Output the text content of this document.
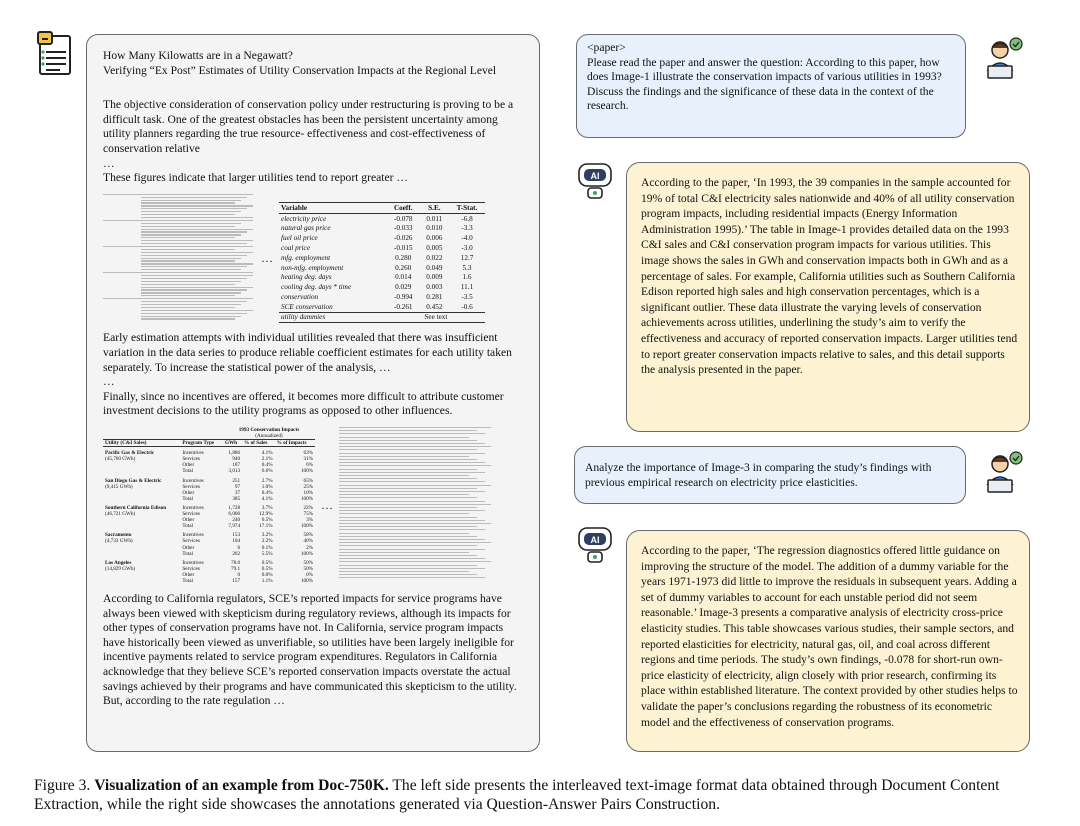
How Many Kilowatts are in a Negawatt?
Verifying “Ex Post” Estimates of Utility Conservation Impacts at the Regional Level
The objective consideration of conservation policy under restructuring is proving to be a difficult task. One of the greatest obstacles has been the persistent uncertainty among utility planners regarding the true resource- effectiveness and cost-effectiveness of conservation relative
…
These figures indicate that larger utilities tend to report greater …
…
Variable	Coeff.	S.E.	T-Stat.
electricity price	-0.078	0.011	-6.8
natural gas price	-0.033	0.010	-3.3
fuel oil price	-0.026	0.006	-4.0
coal price	-0.015	0.005	-3.0
mfg. employment	0.280	0.022	12.7
non-mfg. employment	0.260	0.049	5.3
heating deg. days	0.014	0.009	1.6
cooling deg. days * time	0.029	0.003	11.1
conservation	-0.994	0.281	-3.5
SCE conservation	-0.261	0.452	-0.6
utility dummies	See text		
Early estimation attempts with individual utilities revealed that there was insufficient variation in the data series to produce reliable coefficient estimates for each utility taken separately. To increase the statistical power of the analysis, …
…
Finally, since no incentives are offered, it becomes more difficult to attribute customer investment decisions to the utility programs as opposed to other influences.
		1993 Conservation Impacts		
		(Annualized)		
Utility (C&I Sales)	Program Type	GWh	% of Sales	% of Impacts
Pacific Gas & Electric	Incentives	1,886	4.1%	63%
(45,760 GWh)	Services	940	2.1%	31%
	Other	187	0.4%	6%
	Total	3,013	6.6%	100%
San Diego Gas & Electric	Incentives	251	2.7%	65%
(9,415 GWh)	Services	97	1.0%	25%
	Other	37	0.4%	10%
	Total	385	4.1%	100%
Southern California Edison	Incentives	1,728	3.7%	22%
(46,721 GWh)	Services	6,006	12.9%	75%
	Other	240	0.5%	3%
	Total	7,974	17.1%	100%
Sacramento	Incentives	153	3.2%	58%
(4,733 GWh)	Services	104	2.2%	40%
	Other	6	0.1%	2%
	Total	262	5.5%	100%
Los Angeles	Incentives	78.0	0.5%	50%
(14,829 GWh)	Services	79.1	0.5%	50%
	Other	0	0.0%	0%
	Total	157	1.1%	100%
…
According to California regulators, SCE’s reported impacts for service programs have always been viewed with skepticism during regulatory reviews, although its impacts for other types of conservation programs have not. In California, service program impacts have historically been viewed as unverifiable, so utilities have been largely ineligible for incentive payments related to service program expenditures. Regulators in California acknowledge that they believe SCE’s reported conservation impacts overstate the actual savings achieved by their programs and have communicated this skepticism to the utility. But, according to the rate regulation …
<paper>
Please read the paper and answer the question: According to this paper, how does Image-1 illustrate the conservation impacts of various utilities in 1993? Discuss the findings and the significance of these data in the context of the research.
AI	According to the paper, ‘In 1993, the 39 companies in the sample accounted for 19% of total C&I electricity sales nationwide and 40% of all utility conservation program impacts, including residential impacts (Energy Information Administration 1995).’ The table in Image-1 provides detailed data on the 1993 C&I sales and C&I conservation program impacts for various utilities. This image shows the sales in GWh and conservation impacts both in GWh and as a percentage of sales. For example, California utilities such as Southern California Edison reported high sales and high conservation percentages, which is a significant outlier. These data illustrate the varying levels of conservation achievements across utilities, underlining the study’s aim to verify the effectiveness and accuracy of reported conservation impacts. Larger utilities tend to report greater conservation impacts relative to sales, and this detail supports the analysis presented in the paper.
Analyze the importance of Image-3 in comparing the study’s findings with previous empirical research on electricity price elasticities.
AI
According to the paper, ‘The regression diagnostics offered little guidance on improving the structure of the model. The addition of a dummy variable for the years 1971-1973 did little to improve the residuals in subsequent years. Adding a set of dummy variables to account for each unstable period did not seem reasonable.’ Image-3 presents a comparative analysis of electricity cross-price elasticity studies. This table showcases various studies, their sample sectors, and reported elasticities for electricity, natural gas, oil, and coal across different regions and time periods. The study’s own findings, -0.078 for short-run own-price elasticity of electricity, align closely with prior research, confirming its place within established literature. The context provided by other studies helps to validate the paper’s conclusions regarding the robustness of its econometric model and the effectiveness of conservation programs.
Figure 3. Visualization of an example from Doc-750K. The left side presents the interleaved text-image format data obtained through Document Content Extraction, while the right side showcases the annotations generated via Question-Answer Pairs Construction.
